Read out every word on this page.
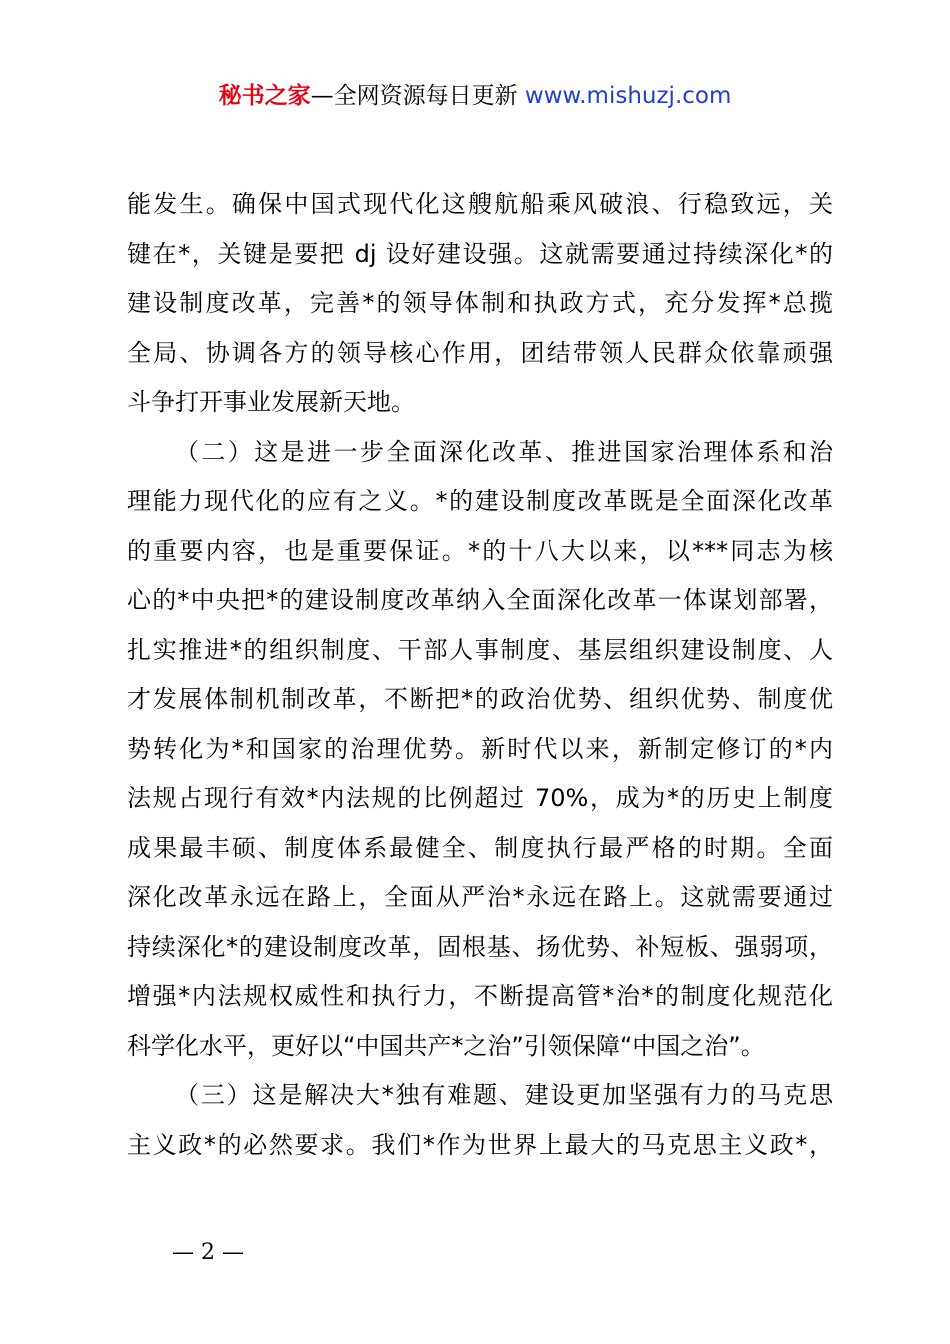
秘书之家—全网资源每日更新 www.mishuzj.com
能发生。确保中国式现代化这艘航船乘风破浪、行稳致远，关
键在*，关键是要把 dj 设好建设强。这就需要通过持续深化*的
建设制度改革，完善*的领导体制和执政方式，充分发挥*总揽
全局、协调各方的领导核心作用，团结带领人民群众依靠顽强
斗争打开事业发展新天地。
（二）这是进一步全面深化改革、推进国家治理体系和治
理能力现代化的应有之义。*的建设制度改革既是全面深化改革
的重要内容，也是重要保证。*的十八大以来，以***同志为核
心的*中央把*的建设制度改革纳入全面深化改革一体谋划部署，
扎实推进*的组织制度、干部人事制度、基层组织建设制度、人
才发展体制机制改革，不断把*的政治优势、组织优势、制度优
势转化为*和国家的治理优势。新时代以来，新制定修订的*内
法规占现行有效*内法规的比例超过 70%，成为*的历史上制度
成果最丰硕、制度体系最健全、制度执行最严格的时期。全面
深化改革永远在路上，全面从严治*永远在路上。这就需要通过
持续深化*的建设制度改革，固根基、扬优势、补短板、强弱项，
增强*内法规权威性和执行力，不断提高管*治*的制度化规范化
科学化水平，更好以“中国共产*之治”引领保障“中国之治”。
（三）这是解决大*独有难题、建设更加坚强有力的马克思
主义政*的必然要求。我们*作为世界上最大的马克思主义政*，
— 2 —
